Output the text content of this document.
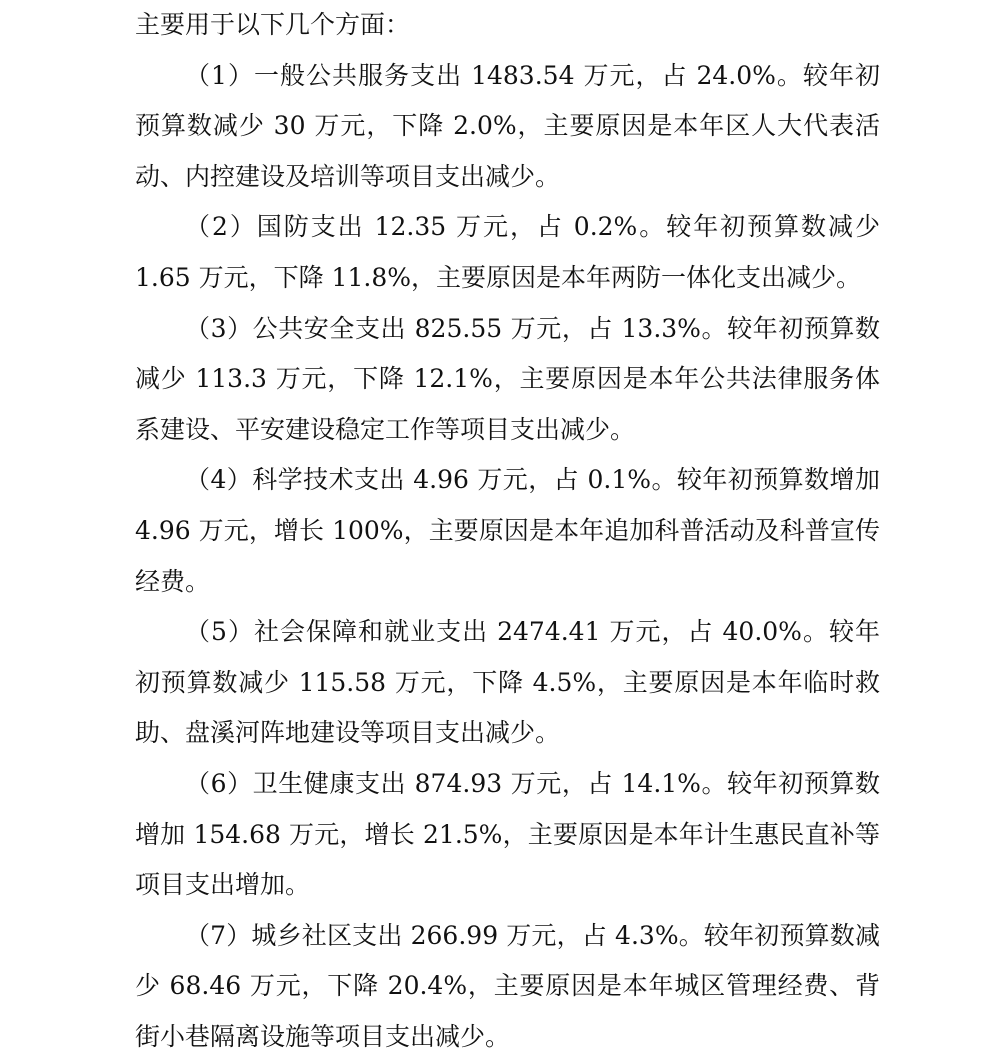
主要用于以下几个方面：

（1）一般公共服务支出 1483.54 万元，占 24.0%。较年初预算数减少 30 万元，下降 2.0%，主要原因是本年区人大代表活动、内控建设及培训等项目支出减少。

（2）国防支出 12.35 万元，占 0.2%。较年初预算数减少 1.65 万元，下降 11.8%，主要原因是本年两防一体化支出减少。

（3）公共安全支出 825.55 万元，占 13.3%。较年初预算数减少 113.3 万元，下降 12.1%，主要原因是本年公共法律服务体系建设、平安建设稳定工作等项目支出减少。

（4）科学技术支出 4.96 万元，占 0.1%。较年初预算数增加 4.96 万元，增长 100%，主要原因是本年追加科普活动及科普宣传经费。

（5）社会保障和就业支出 2474.41 万元，占 40.0%。较年初预算数减少 115.58 万元，下降 4.5%，主要原因是本年临时救助、盘溪河阵地建设等项目支出减少。

（6）卫生健康支出 874.93 万元，占 14.1%。较年初预算数增加 154.68 万元，增长 21.5%，主要原因是本年计生惠民直补等项目支出增加。

（7）城乡社区支出 266.99 万元，占 4.3%。较年初预算数减少 68.46 万元，下降 20.4%，主要原因是本年城区管理经费、背街小巷隔离设施等项目支出减少。
